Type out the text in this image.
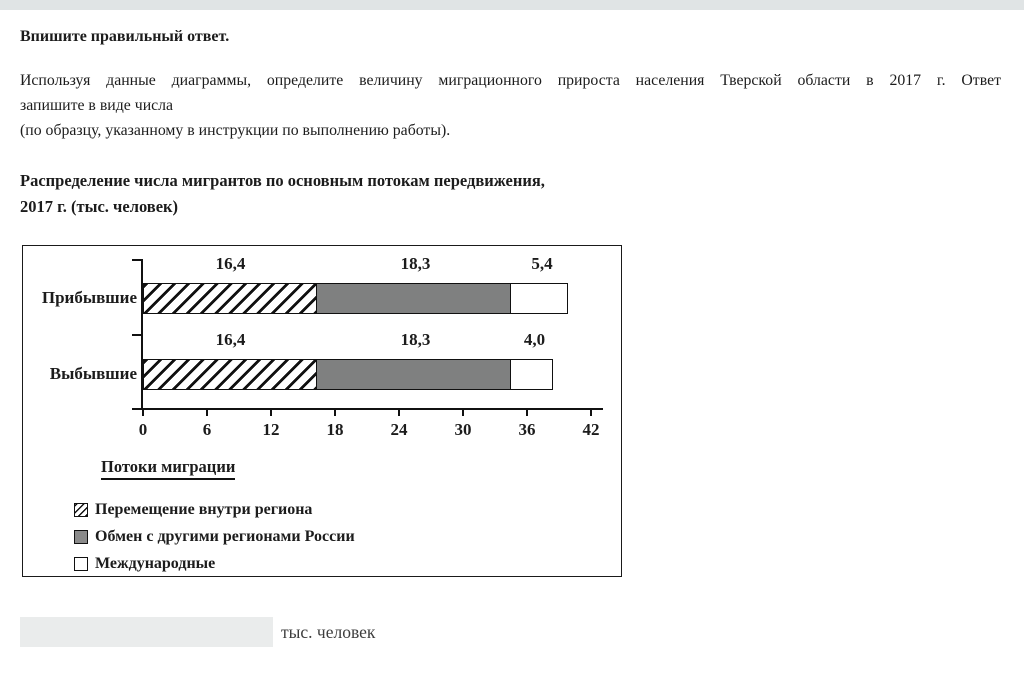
Впишите правильный ответ.
Используя данные диаграммы, определите величину миграционного прироста населения Тверской области в 2017 г. Ответ
запишите в виде числа
(по образцу, указанному в инструкции по выполнению работы).
Распределение числа мигрантов по основным потокам передвижения,
2017 г. (тыс. человек)
16,4	18,3	5,4
Прибывшие
16,4	18,3	4,0
Выбывшие
0	6	12	18	24	30	36	42
Потоки миграции
Перемещение внутри региона
Обмен с другими регионами России
Международные
тыс. человек
